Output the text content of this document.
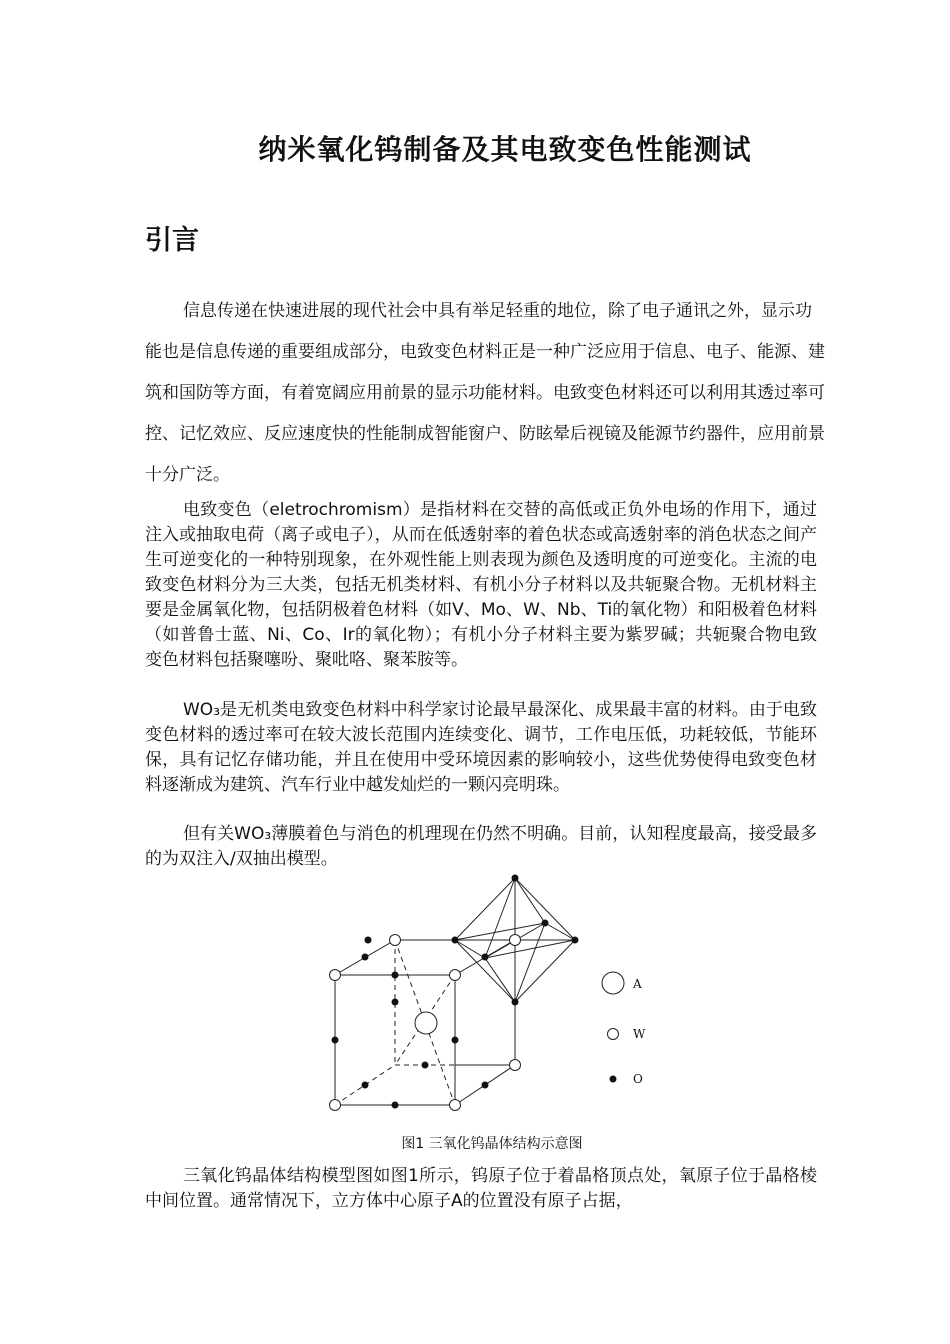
纳米氧化钨制备及其电致变色性能测试
引言

信息传递在快速进展的现代社会中具有举足轻重的地位，除了电子通讯之外，显示功能也是信息传递的重要组成部分，电致变色材料正是一种广泛应用于信息、电子、能源、建筑和国防等方面，有着宽阔应用前景的显示功能材料。电致变色材料还可以利用其透过率可控、记忆效应、反应速度快的性能制成智能窗户、防眩晕后视镜及能源节约器件，应用前景十分广泛。

电致变色（eletrochromism）是指材料在交替的高低或正负外电场的作用下，通过注入或抽取电荷（离子或电子），从而在低透射率的着色状态或高透射率的消色状态之间产生可逆变化的一种特别现象，在外观性能上则表现为颜色及透明度的可逆变化。主流的电致变色材料分为三大类，包括无机类材料、有机小分子材料以及共轭聚合物。无机材料主要是金属氧化物，包括阴极着色材料（如V、Mo、W、Nb、Ti的氧化物）和阳极着色材料（如普鲁士蓝、Ni、Co、Ir的氧化物）；有机小分子材料主要为紫罗碱；共轭聚合物电致变色材料包括聚噻吩、聚吡咯、聚苯胺等。

WO₃是无机类电致变色材料中科学家讨论最早最深化、成果最丰富的材料。由于电致变色材料的透过率可在较大波长范围内连续变化、调节，工作电压低，功耗较低，节能环保，具有记忆存储功能，并且在使用中受环境因素的影响较小，这些优势使得电致变色材料逐渐成为建筑、汽车行业中越发灿烂的一颗闪亮明珠。

但有关WO₃薄膜着色与消色的机理现在仍然不明确。目前，认知程度最高，接受最多的为双注入/双抽出模型。

A
W
O
图1 三氧化钨晶体结构示意图

三氧化钨晶体结构模型图如图1所示，钨原子位于着晶格顶点处，氧原子位于晶格棱中间位置。通常情况下，立方体中心原子A的位置没有原子占据，
